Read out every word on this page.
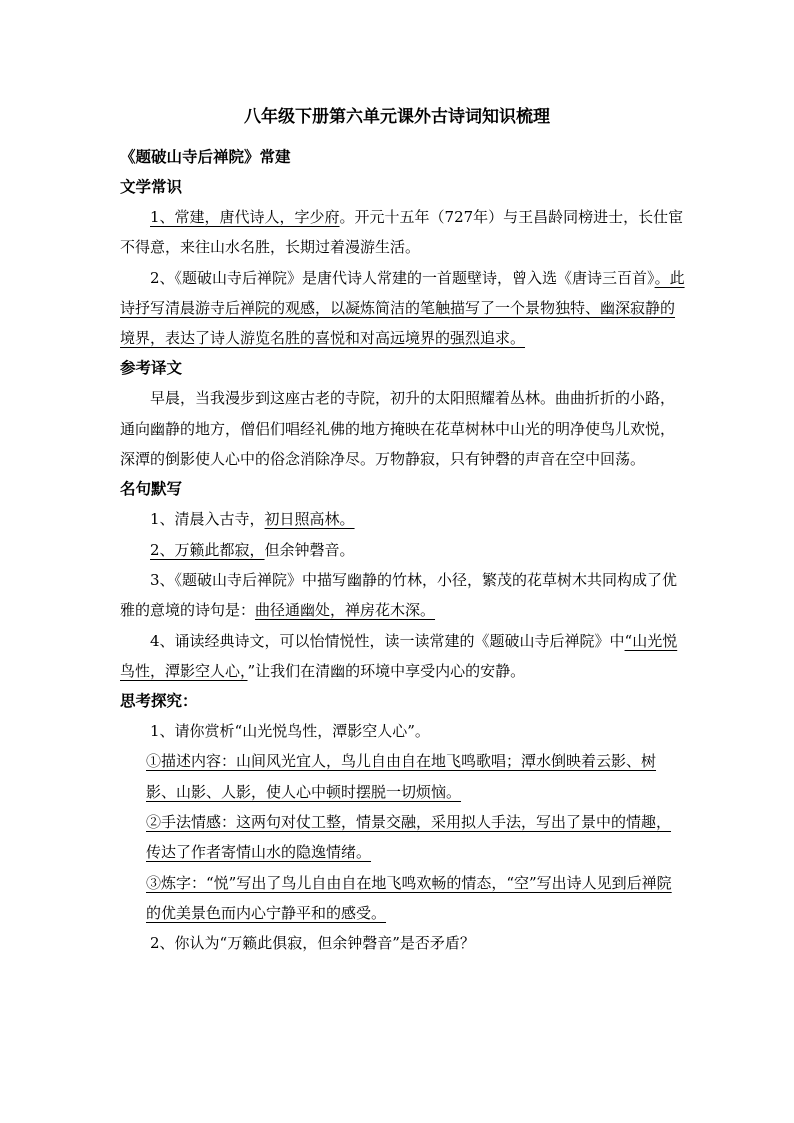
八年级下册第六单元课外古诗词知识梳理
《题破山寺后禅院》常建
文学常识

1、常建，唐代诗人，字少府。开元十五年（727年）与王昌龄同榜进士，长仕宦不得意，来往山水名胜，长期过着漫游生活。

2、《题破山寺后禅院》是唐代诗人常建的一首题壁诗，曾入选《唐诗三百首》。此诗抒写清晨游寺后禅院的观感，以凝炼简洁的笔触描写了一个景物独特、幽深寂静的境界，表达了诗人游览名胜的喜悦和对高远境界的强烈追求。

参考译文

早晨，当我漫步到这座古老的寺院，初升的太阳照耀着丛林。曲曲折折的小路，通向幽静的地方，僧侣们唱经礼佛的地方掩映在花草树林中山光的明净使鸟儿欢悦，深潭的倒影使人心中的俗念消除净尽。万物静寂，只有钟磬的声音在空中回荡。

名句默写

1、清晨入古寺，初日照高林。

2、万籁此都寂，但余钟磬音。

3、《题破山寺后禅院》中描写幽静的竹林，小径，繁茂的花草树木共同构成了优雅的意境的诗句是：曲径通幽处，禅房花木深。

4、诵读经典诗文，可以怡情悦性，读一读常建的《题破山寺后禅院》中“山光悦鸟性，潭影空人心，”让我们在清幽的环境中享受内心的安静。

思考探究：

1、请你赏析“山光悦鸟性，潭影空人心”。

①描述内容：山间风光宜人，鸟儿自由自在地飞鸣歌唱；潭水倒映着云影、树影、山影、人影，使人心中顿时摆脱一切烦恼。

②手法情感：这两句对仗工整，情景交融，采用拟人手法，写出了景中的情趣，传达了作者寄情山水的隐逸情绪。

③炼字：“悦”写出了鸟儿自由自在地飞鸣欢畅的情态，“空”写出诗人见到后禅院的优美景色而内心宁静平和的感受。

2、你认为“万籁此俱寂，但余钟磬音”是否矛盾？
